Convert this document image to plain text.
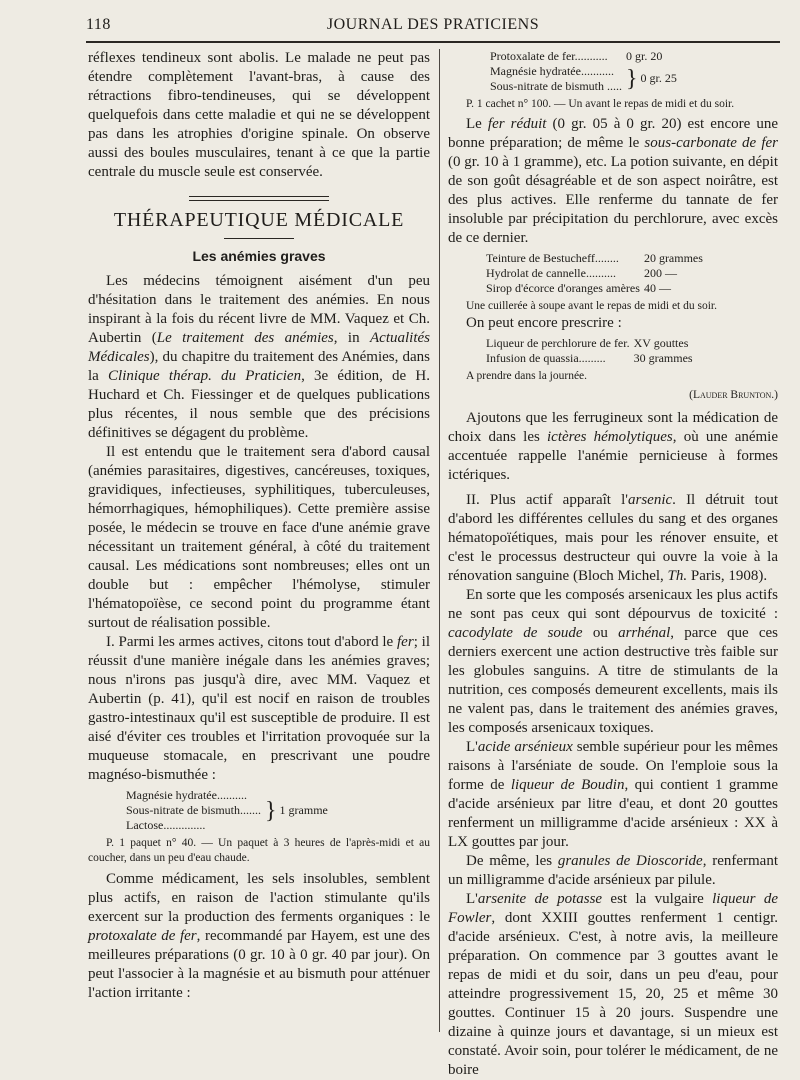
118	JOURNAL DES PRATICIENS

réflexes tendineux sont abolis. Le malade ne peut pas étendre complètement l'avant-bras, à cause des rétractions fibro-tendineuses, qui se développent quelquefois dans cette maladie et qui ne se développent pas dans les atrophies d'origine spinale. On observe aussi des boules musculaires, tenant à ce que la partie centrale du muscle seule est conservée.

THÉRAPEUTIQUE MÉDICALE
Les anémies graves

Les médecins témoignent aisément d'un peu d'hésitation dans le traitement des anémies. En nous inspirant à la fois du récent livre de MM. Vaquez et Ch. Aubertin (Le traitement des anémies, in Actualités Médicales), du chapitre du traitement des Anémies, dans la Clinique thérap. du Praticien, 3e édition, de H. Huchard et Ch. Fiessinger et de quelques publications plus récentes, il nous semble que des précisions définitives se dégagent du problème.

Il est entendu que le traitement sera d'abord causal (anémies parasitaires, digestives, cancéreuses, toxiques, gravidiques, infectieuses, syphilitiques, tuberculeuses, hémorrhagiques, hémophiliques). Cette première assise posée, le médecin se trouve en face d'une anémie grave nécessitant un traitement général, à côté du traitement causal. Les médications sont nombreuses; elles ont un double but : empêcher l'hémolyse, stimuler l'hématopoïèse, ce second point du programme étant surtout de réalisation possible.

I. Parmi les armes actives, citons tout d'abord le fer; il réussit d'une manière inégale dans les anémies graves; nous n'irons pas jusqu'à dire, avec MM. Vaquez et Aubertin (p. 41), qu'il est nocif en raison de troubles gastro-intestinaux qu'il est susceptible de produire. Il est aisé d'éviter ces troubles et l'irritation provoquée sur la muqueuse stomacale, en prescrivant une poudre magnéso-bismuthée :

Magnésie hydratée..........	} 1 gramme
Sous-nitrate de bismuth.......
Lactose..............

P. 1 paquet n° 40. — Un paquet à 3 heures de l'après-midi et au coucher, dans un peu d'eau chaude.

Comme médicament, les sels insolubles, semblent plus actifs, en raison de l'action stimulante qu'ils exercent sur la production des ferments organiques : le protoxalate de fer, recommandé par Hayem, est une des meilleures préparations (0 gr. 10 à 0 gr. 40 par jour). On peut l'associer à la magnésie et au bismuth pour atténuer l'action irritante :

Protoxalate de fer...........	0 gr. 20
Magnésie hydratée...........	} 0 gr. 25
Sous-nitrate de bismuth .....	

P. 1 cachet n° 100. — Un avant le repas de midi et du soir.

Le fer réduit (0 gr. 05 à 0 gr. 20) est encore une bonne préparation; de même le sous-carbonate de fer (0 gr. 10 à 1 gramme), etc. La potion suivante, en dépit de son goût désagréable et de son aspect noirâtre, est des plus actives. Elle renferme du tannate de fer insoluble par précipitation du perchlorure, avec excès de ce dernier.

Teinture de Bestucheff........	20 grammes
Hydrolat de cannelle..........	200 —
Sirop d'écorce d'oranges amères	40 —

Une cuillerée à soupe avant le repas de midi et du soir.

On peut encore prescrire :

Liqueur de perchlorure de fer.	XV gouttes
Infusion de quassia.........	30 grammes

A prendre dans la journée.

(Lauder Brunton.)

Ajoutons que les ferrugineux sont la médication de choix dans les ictères hémolytiques, où une anémie accentuée rappelle l'anémie pernicieuse à formes ictériques.

II. Plus actif apparaît l'arsenic. Il détruit tout d'abord les différentes cellules du sang et des organes hématopoïétiques, mais pour les rénover ensuite, et c'est le processus destructeur qui ouvre la voie à la rénovation sanguine (Bloch Michel, Th. Paris, 1908).

En sorte que les composés arsenicaux les plus actifs ne sont pas ceux qui sont dépourvus de toxicité : cacodylate de soude ou arrhénal, parce que ces derniers exercent une action destructive très faible sur les globules sanguins. A titre de stimulants de la nutrition, ces composés demeurent excellents, mais ils ne valent pas, dans le traitement des anémies graves, les composés arsenicaux toxiques.

L'acide arsénieux semble supérieur pour les mêmes raisons à l'arséniate de soude. On l'emploie sous la forme de liqueur de Boudin, qui contient 1 gramme d'acide arsénieux par litre d'eau, et dont 20 gouttes renferment un milligramme d'acide arsénieux : XX à LX gouttes par jour.

De même, les granules de Dioscoride, renfermant un milligramme d'acide arsénieux par pilule.

L'arsenite de potasse est la vulgaire liqueur de Fowler, dont XXIII gouttes renferment 1 centigr. d'acide arsénieux. C'est, à notre avis, la meilleure préparation. On commence par 3 gouttes avant le repas de midi et du soir, dans un peu d'eau, pour atteindre progressivement 15, 20, 25 et même 30 gouttes. Continuer 15 à 20 jours. Suspendre une dizaine à quinze jours et davantage, si un mieux est constaté. Avoir soin, pour tolérer le médicament, de ne boire
